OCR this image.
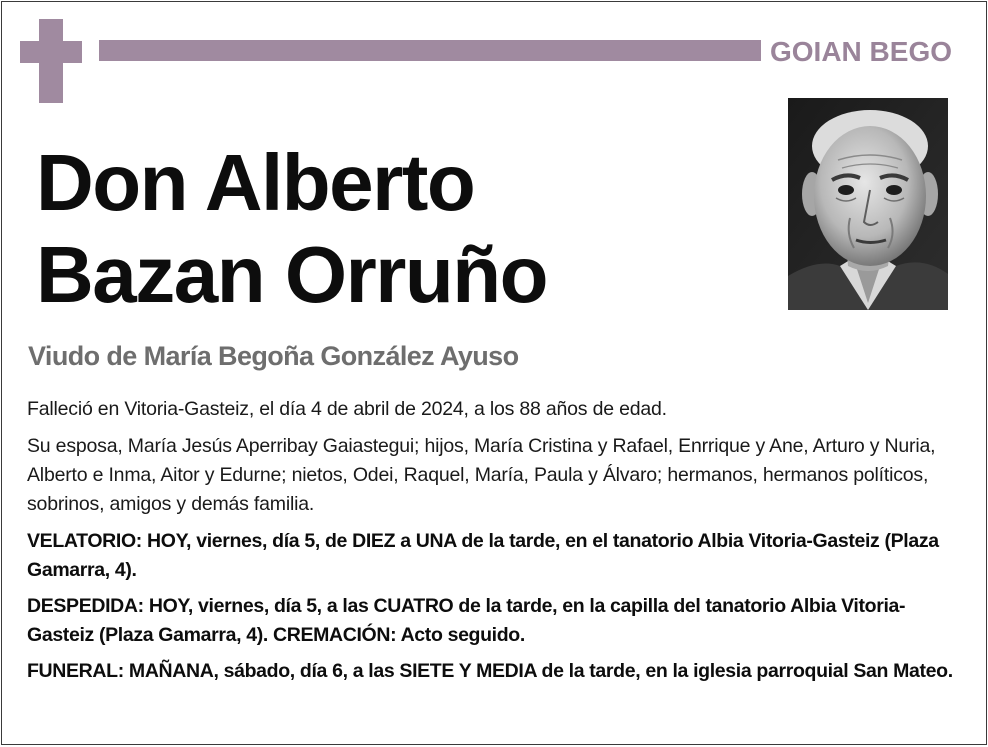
GOIAN BEGO
Don Alberto
Bazan Orruño
Viudo de María Begoña González Ayuso

Falleció en Vitoria-Gasteiz, el día 4 de abril de 2024, a los 88 años de edad.

Su esposa, María Jesús Aperribay Gaiastegui; hijos, María Cristina y Rafael, Enrrique y Ane, Arturo y Nuria, Alberto e Inma, Aitor y Edurne; nietos, Odei, Raquel, María, Paula y Álvaro; hermanos, hermanos políticos, sobrinos, amigos y demás familia.

VELATORIO: HOY, viernes, día 5, de DIEZ a UNA de la tarde, en el tanatorio Albia Vitoria-Gasteiz (Plaza Gamarra, 4).

DESPEDIDA: HOY, viernes, día 5, a las CUATRO de la tarde, en la capilla del tanatorio Albia Vitoria-Gasteiz (Plaza Gamarra, 4). CREMACIÓN: Acto seguido.

FUNERAL: MAÑANA, sábado, día 6, a las SIETE Y MEDIA de la tarde, en la iglesia parroquial San Mateo.
